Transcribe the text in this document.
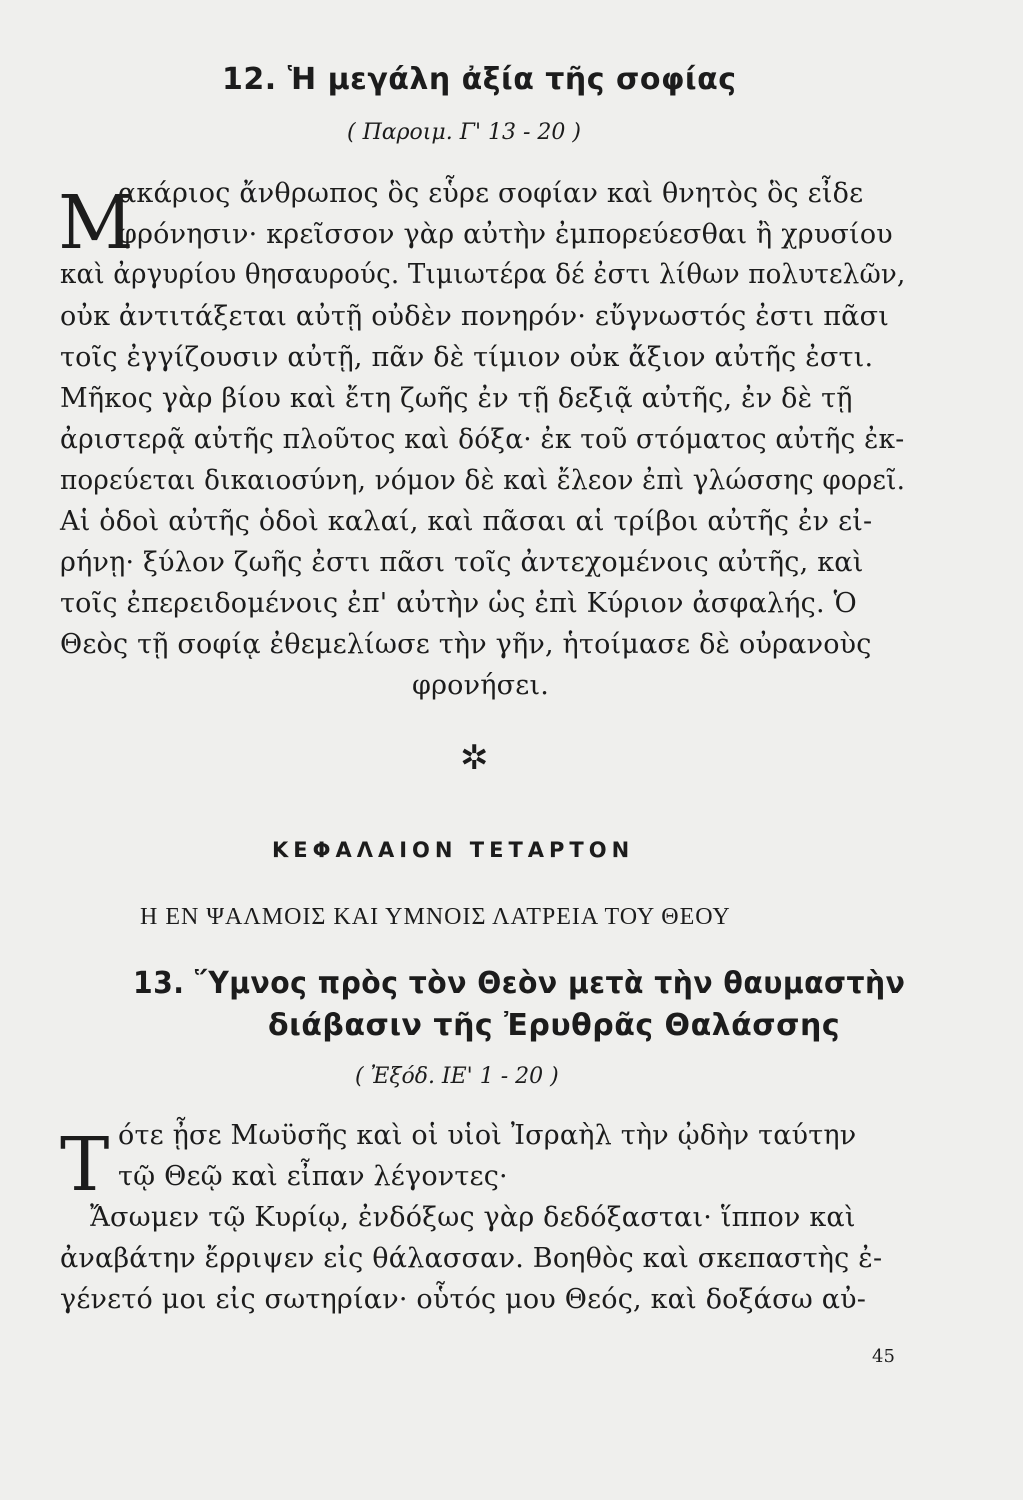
12. Ἡ μεγάλη ἀξία τῆς σοφίας
( Παροιμ. Γ' 13 - 20 )
Μ
ακάριος ἄνθρωπος ὃς εὗρε σοφίαν καὶ θνητὸς ὃς εἶδε
φρόνησιν· κρεῖσσον γὰρ αὐτὴν ἐμπορεύεσθαι ἢ χρυσίου
καὶ ἀργυρίου θησαυρούς. Τιμιωτέρα δέ ἐστι λίθων πολυτελῶν,
οὐκ ἀντιτάξεται αὐτῇ οὐδὲν πονηρόν· εὔγνωστός ἐστι πᾶσι
τοῖς ἐγγίζουσιν αὐτῇ, πᾶν δὲ τίμιον οὐκ ἄξιον αὐτῆς ἐστι.
Μῆκος γὰρ βίου καὶ ἔτη ζωῆς ἐν τῇ δεξιᾷ αὐτῆς, ἐν δὲ τῇ
ἀριστερᾷ αὐτῆς πλοῦτος καὶ δόξα· ἐκ τοῦ στόματος αὐτῆς ἐκ-
πορεύεται δικαιοσύνη, νόμον δὲ καὶ ἔλεον ἐπὶ γλώσσης φορεῖ.
Αἱ ὁδοὶ αὐτῆς ὁδοὶ καλαί, καὶ πᾶσαι αἱ τρίβοι αὐτῆς ἐν εἰ-
ρήνῃ· ξύλον ζωῆς ἐστι πᾶσι τοῖς ἀντεχομένοις αὐτῆς, καὶ
τοῖς ἐπερειδομένοις ἐπ' αὐτὴν ὡς ἐπὶ Κύριον ἀσφαλής. Ὁ
Θεὸς τῇ σοφίᾳ ἐθεμελίωσε τὴν γῆν, ἡτοίμασε δὲ οὐρανοὺς
φρονήσει.
✲
ΚΕΦΑΛΑΙΟΝ ΤΕΤΑΡΤΟΝ
Η ΕΝ ΨΑΛΜΟΙΣ ΚΑΙ ΥΜΝΟΙΣ ΛΑΤΡΕΙΑ ΤΟΥ ΘΕΟΥ
13. Ὕμνος πρὸς τὸν Θεὸν μετὰ τὴν θαυμαστὴν
διάβασιν τῆς Ἐρυθρᾶς Θαλάσσης
( Ἐξόδ. ΙΕ' 1 - 20 )
Τ ότε ᾖσε Μωϋσῆς καὶ οἱ υἱοὶ Ἰσραὴλ τὴν ᾠδὴν ταύτην
τῷ Θεῷ καὶ εἶπαν λέγοντες·
Ἄσωμεν τῷ Κυρίῳ, ἐνδόξως γὰρ δεδόξασται· ἵππον καὶ
ἀναβάτην ἔρριψεν εἰς θάλασσαν. Βοηθὸς καὶ σκεπαστὴς ἐ-
γένετό μοι εἰς σωτηρίαν· οὗτός μου Θεός, καὶ δοξάσω αὐ-
45
